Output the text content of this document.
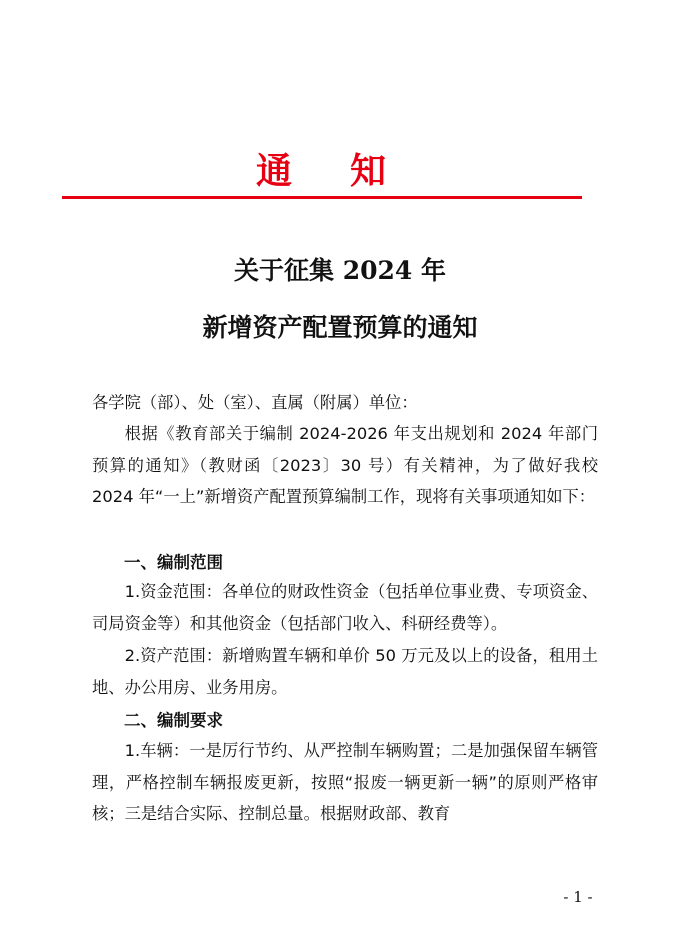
通 知
关于征集 2024 年
新增资产配置预算的通知
各学院（部）、处（室）、直属（附属）单位：
根据《教育部关于编制 2024-2026 年支出规划和 2024 年部门预算的通知》（教财函〔2023〕30 号）有关精神，为了做好我校 2024 年“一上”新增资产配置预算编制工作，现将有关事项通知如下：
一、编制范围
1.资金范围：各单位的财政性资金（包括单位事业费、专项资金、司局资金等）和其他资金（包括部门收入、科研经费等）。
2.资产范围：新增购置车辆和单价 50 万元及以上的设备，租用土地、办公用房、业务用房。
二、编制要求
1.车辆：一是厉行节约、从严控制车辆购置；二是加强保留车辆管理，严格控制车辆报废更新，按照“报废一辆更新一辆”的原则严格审核；三是结合实际、控制总量。根据财政部、教育
- 1 -
